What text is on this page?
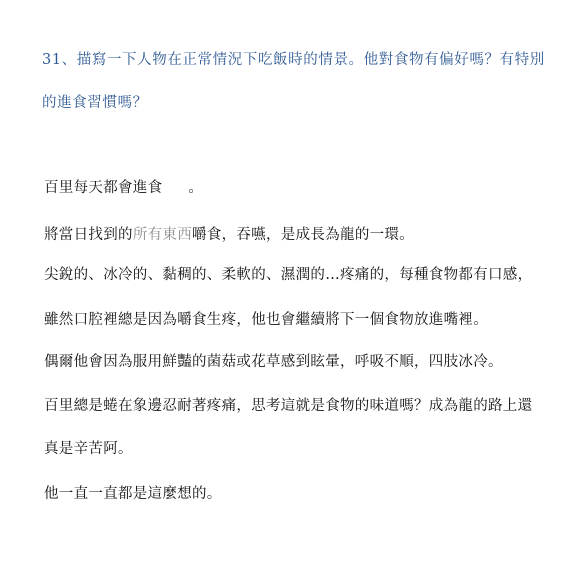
31、描寫一下人物在正常情況下吃飯時的情景。他對食物有偏好嗎？有特別
的進食習慣嗎？
百里每天都會進食 。
將當日找到的所有東西嚼食，吞嚥，是成長為龍的一環。
尖銳的、冰冷的、黏稠的、柔軟的、濕潤的…疼痛的，每種食物都有口感，
雖然口腔裡總是因為嚼食生疼，他也會繼續將下一個食物放進嘴裡。
偶爾他會因為服用鮮豔的菌菇或花草感到眩暈，呼吸不順，四肢冰冷。
百里總是蜷在象邊忍耐著疼痛，思考這就是食物的味道嗎？成為龍的路上還
真是辛苦阿。
他一直一直都是這麼想的。
